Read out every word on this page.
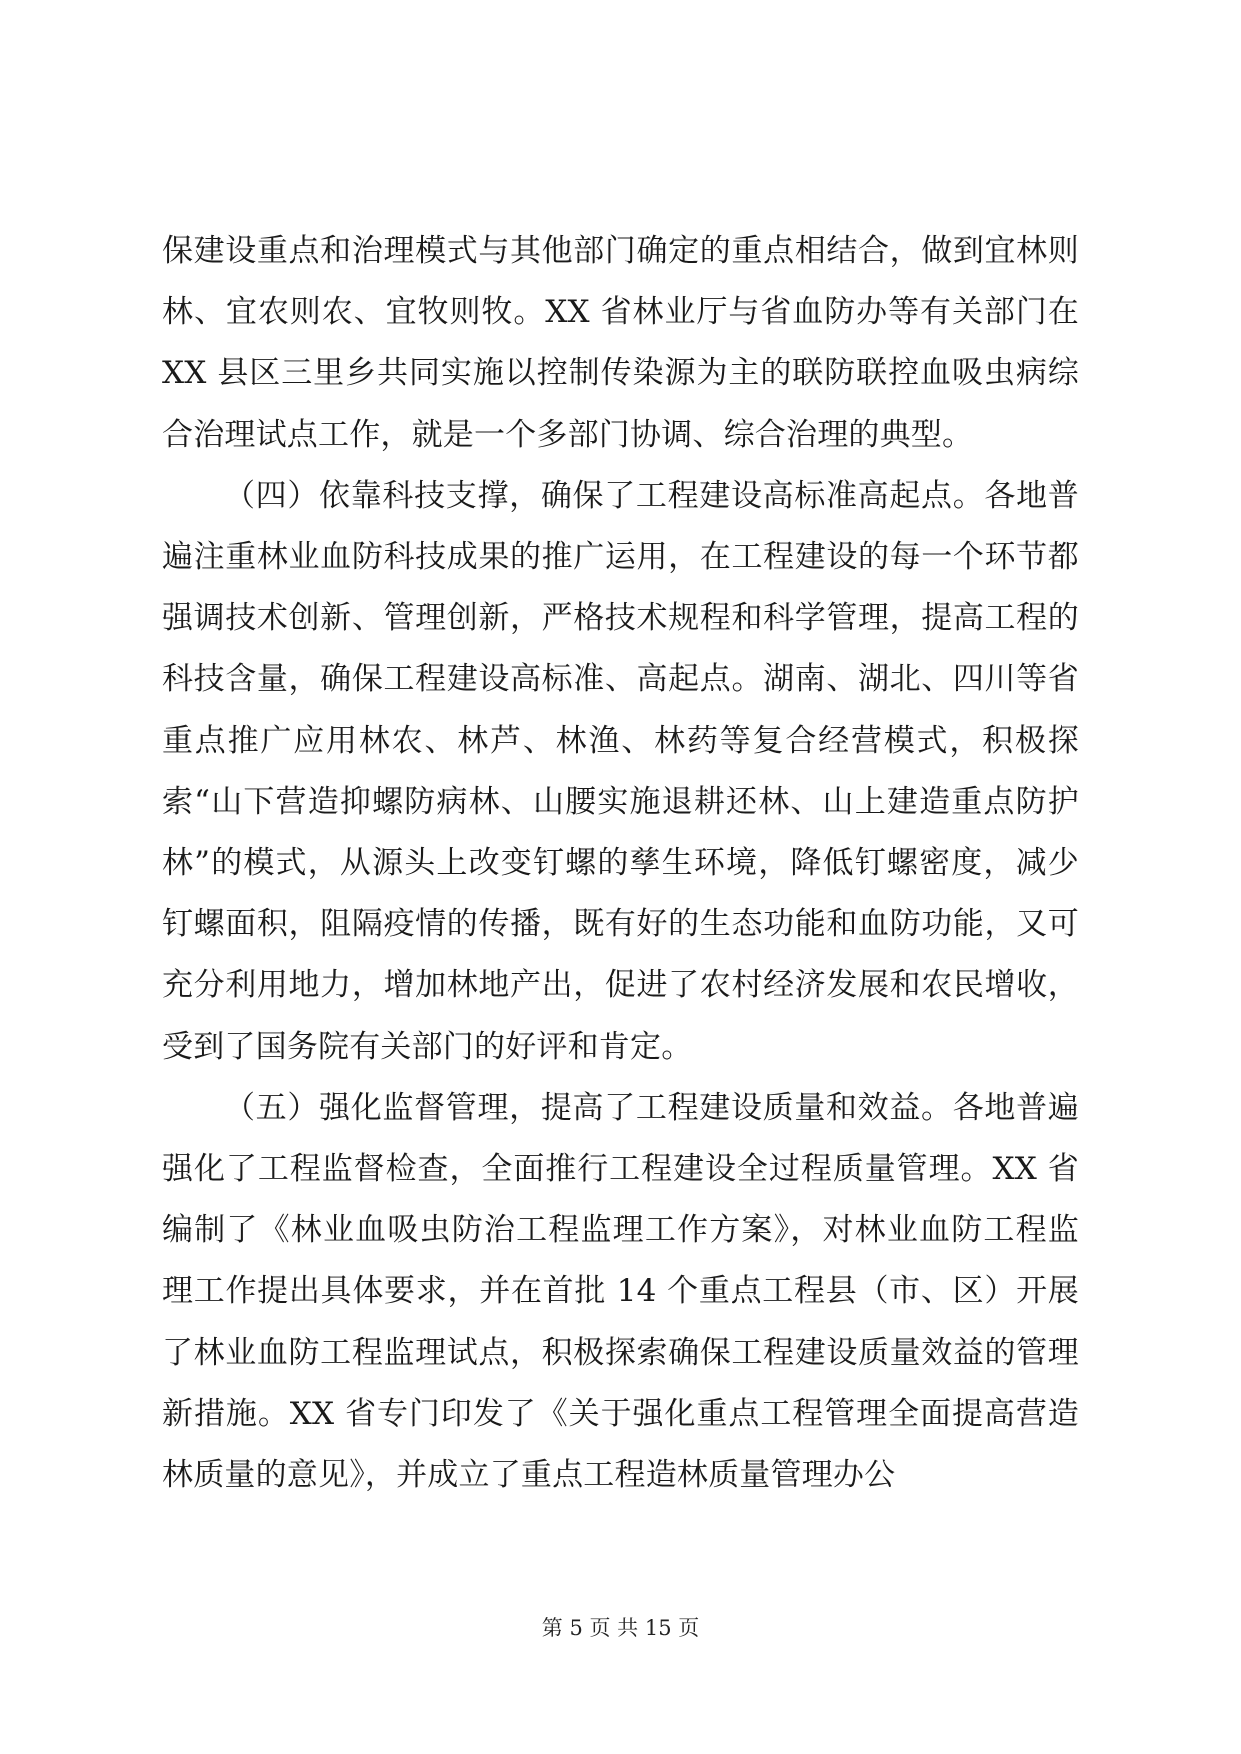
保建设重点和治理模式与其他部门确定的重点相结合，做到宜林则林、宜农则农、宜牧则牧。XX 省林业厅与省血防办等有关部门在 XX 县区三里乡共同实施以控制传染源为主的联防联控血吸虫病综合治理试点工作，就是一个多部门协调、综合治理的典型。

（四）依靠科技支撑，确保了工程建设高标准高起点。各地普遍注重林业血防科技成果的推广运用，在工程建设的每一个环节都强调技术创新、管理创新，严格技术规程和科学管理，提高工程的科技含量，确保工程建设高标准、高起点。湖南、湖北、四川等省重点推广应用林农、林芦、林渔、林药等复合经营模式，积极探索“山下营造抑螺防病林、山腰实施退耕还林、山上建造重点防护林”的模式，从源头上改变钉螺的孳生环境，降低钉螺密度，减少钉螺面积，阻隔疫情的传播，既有好的生态功能和血防功能，又可充分利用地力，增加林地产出，促进了农村经济发展和农民增收，受到了国务院有关部门的好评和肯定。

（五）强化监督管理，提高了工程建设质量和效益。各地普遍强化了工程监督检查，全面推行工程建设全过程质量管理。XX 省编制了《林业血吸虫防治工程监理工作方案》，对林业血防工程监理工作提出具体要求，并在首批 14 个重点工程县（市、区）开展了林业血防工程监理试点，积极探索确保工程建设质量效益的管理新措施。XX 省专门印发了《关于强化重点工程管理全面提高营造林质量的意见》，并成立了重点工程造林质量管理办公

第 5 页 共 15 页
